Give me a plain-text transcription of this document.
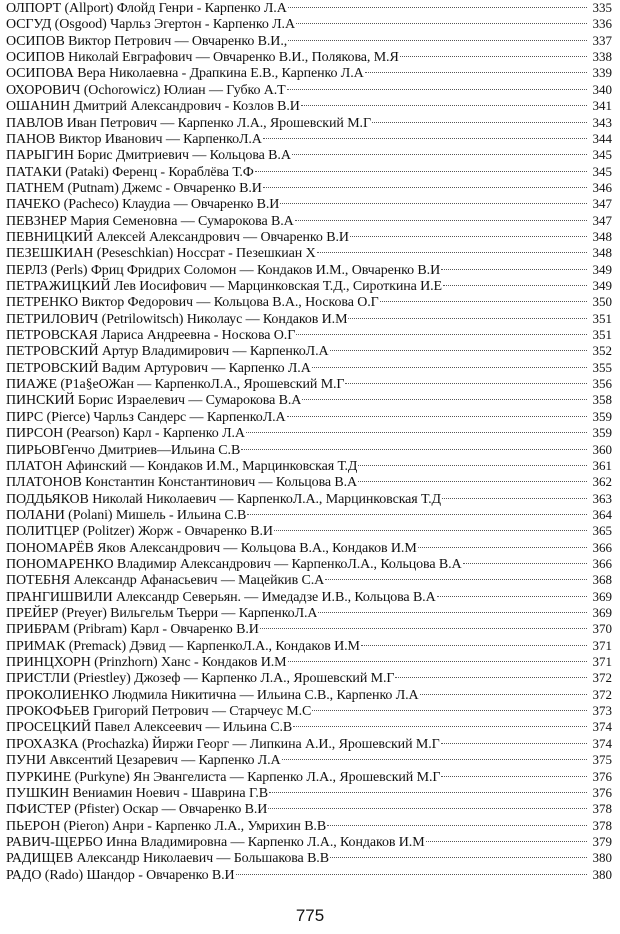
ОЛПОРТ (Allport) Флойд Генри - Карпенко Л.А	335
ОСГУД (Osgood) Чарльз Эгертон - Карпенко Л.А	336
ОСИПОВ Виктор Петрович — Овчаренко В.И.,	337
ОСИПОВ Николай Евграфович — Овчаренко В.И., Полякова, М.Я	338
ОСИПОВА Вера Николаевна - Драпкина Е.В., Карпенко Л.А	339
ОХОРОВИЧ (Ochorowicz) Юлиан — Губко А.Т	340
ОШАНИН Дмитрий Александрович - Козлов В.И	341
ПАВЛОВ Иван Петрович — Карпенко Л.А., Ярошевский М.Г	343
ПАНОВ Виктор Иванович — КарпенкоЛ.А	344
ПАРЫГИН Борис Дмитриевич — Кольцова В.А	345
ПАТАКИ (Pataki) Ференц - Кораблёва Т.Ф	345
ПАТНЕМ (Putnam) Джемс - Овчаренко В.И	346
ПАЧЕКО (Pacheco) Клаудиа — Овчаренко В.И	347
ПЕВЗНЕР Мария Семеновна — Сумарокова В.А	347
ПЕВНИЦКИЙ Алексей Александрович — Овчаренко В.И	348
ПЕЗЕШКИАН (Peseschkian) Носсрат - Пезешкиан Х	348
ПЕРЛЗ (Perls) Фриц Фридрих Соломон — Кондаков И.М., Овчаренко В.И	349
ПЕТРАЖИЦКИЙ Лев Иосифович — Марцинковская Т.Д., Сироткина И.Е	349
ПЕТРЕНКО Виктор Федорович — Кольцова В.А., Носкова О.Г	350
ПЕТРИЛОВИЧ (Petrilowitsch) Николаус — Кондаков И.М	351
ПЕТРОВСКАЯ Лариса Андреевна - Носкова О.Г	351
ПЕТРОВСКИЙ Артур Владимирович — КарпенкоЛ.А	352
ПЕТРОВСКИЙ Вадим Артурович — Карпенко Л.А	355
ПИАЖЕ (P1a§eОЖан — КарпенкоЛ.А., Ярошевский М.Г	356
ПИНСКИЙ Борис Израелевич — Сумарокова В.А	358
ПИРС (Pierce) Чарльз Сандерс — КарпенкоЛ.А	359
ПИРСОН (Pearson) Карл - Карпенко Л.А	359
ПИРЬОВГенчо Дмитриев—Ильина С.В	360
ПЛАТОН Афинский — Кондаков И.М., Марцинковская Т.Д	361
ПЛАТОНОВ Константин Константинович — Кольцова В.А	362
ПОДДЬЯКОВ Николай Николаевич — КарпенкоЛ.А., Марцинковская Т.Д	363
ПОЛАНИ (Polani) Мишель - Ильина С.В	364
ПОЛИТЦЕР (Politzer) Жорж - Овчаренко В.И	365
ПОНОМАРЁВ Яков Александрович — Кольцова В.А., Кондаков И.М	366
ПОНОМАРЕНКО Владимир Александрович — КарпенкоЛ.А., Кольцова В.А	366
ПОТЕБНЯ Александр Афанасьевич — Мацейкив С.А	368
ПРАНГИШВИЛИ Александр Северьян. — Имедадзе И.В., Кольцова В.А	369
ПРЕЙЕР (Preyer) Вильгельм Тьерри — КарпенкоЛ.А	369
ПРИБРАМ (Pribram) Карл - Овчаренко В.И	370
ПРИМАК (Premack) Дэвид — КарпенкоЛ.А., Кондаков И.М	371
ПРИНЦХОРН (Prinzhorn) Ханс - Кондаков И.М	371
ПРИСТЛИ (Priestley) Джозеф — Карпенко Л.А., Ярошевский М.Г	372
ПРОКОЛИЕНКО Людмила Никитична — Ильина С.В., Карпенко Л.А	372
ПРОКОФЬЕВ Григорий Петрович — Старчеус М.С	373
ПРОСЕЦКИЙ Павел Алексеевич — Ильина С.В	374
ПРОХАЗКА (Prochazka) Йиржи Георг — Липкина А.И., Ярошевский М.Г	374
ПУНИ Авксентий Цезаревич — Карпенко Л.А	375
ПУРКИНЕ (Purkyne) Ян Эвангелиста — Карпенко Л.А., Ярошевский М.Г	376
ПУШКИН Вениамин Ноевич - Шаврина Г.В	376
ПФИСТЕР (Pfister) Оскар — Овчаренко В.И	378
ПЬЕРОН (Pieron) Анри - Карпенко Л.А., Умрихин В.В	378
РАВИЧ-ЩЕРБО Инна Владимировна — Карпенко Л.А., Кондаков И.М	379
РАДИЩЕВ Александр Николаевич — Большакова В.В	380
РАДО (Rado) Шандор - Овчаренко В.И	380
775
